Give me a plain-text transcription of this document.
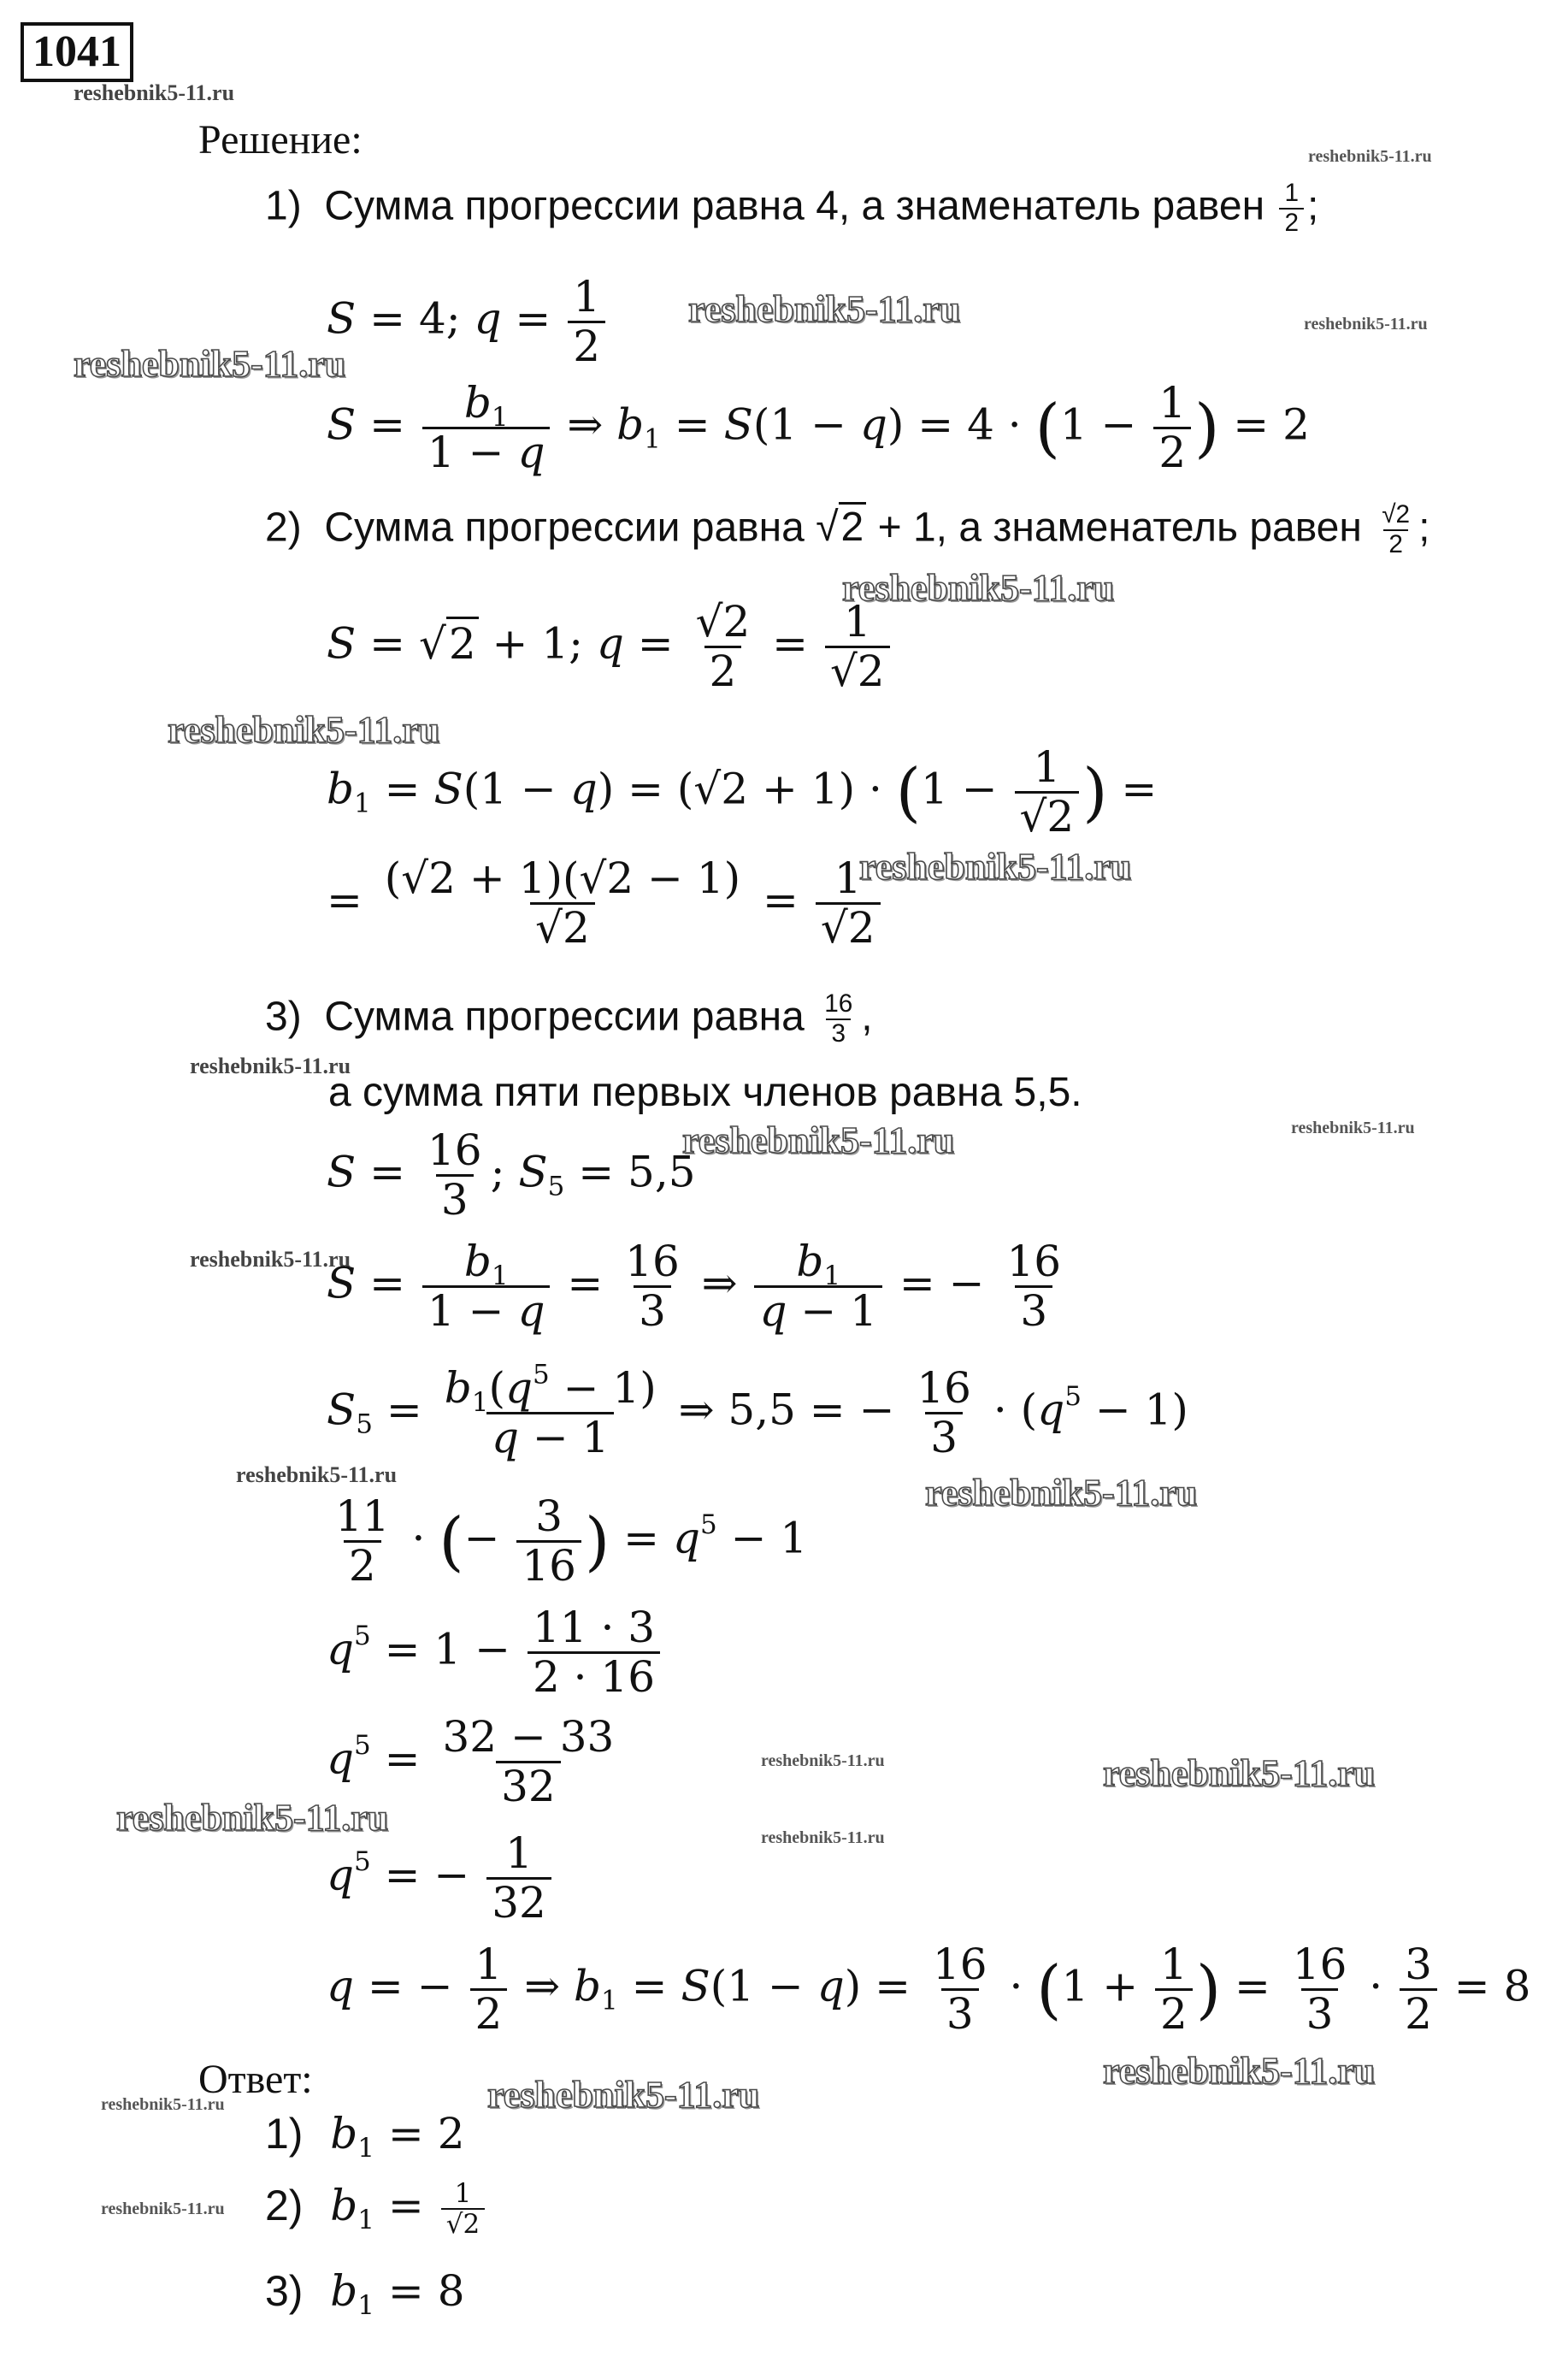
1041
reshebnik5-11.ru
reshebnik5-11.ru
reshebnik5-11.ru
reshebnik5-11.ru
reshebnik5-11.ru
reshebnik5-11.ru
reshebnik5-11.ru
reshebnik5-11.ru
reshebnik5-11.ru
reshebnik5-11.ru
reshebnik5-11.ru
reshebnik5-11.ru
reshebnik5-11.ru
reshebnik5-11.ru
reshebnik5-11.ru
reshebnik5-11.ru
reshebnik5-11.ru
reshebnik5-11.ru
reshebnik5-11.ru
reshebnik5-11.ru
reshebnik5-11.ru
reshebnik5-11.ru
Решение:
1) Сумма прогрессии равна 4, а знаменатель равен $\frac{1}{2}$ ;
S = 4; $q = \frac{1}{2}$
$S = \frac{b_1}{1 - q}$ ⇒ $b_1 = S(1 - q) = 4 \cdot (1 - \frac{1}{2}$ ) = 2
2) Сумма прогрессии равна √2 + 1, а знаменатель равен $\frac{√2}{2}$ ;
S = √2 + 1; $q = \frac{√2}{2} = \frac{1}{√2}$
$b_1 = S(1 - q) = (√2 + 1) \cdot (1 - \frac{1}{√2}$ ) =
= $\frac{(√2 + 1)(√2 - 1)}{√2} = \frac{1}{√2}$
3) Сумма прогрессии равна $\frac{16}{3}$ ,
а сумма пяти первых членов равна 5,5.
$S = \frac{16}{3}$ ; $S_5 = 5,5$
$S = \frac{b_1}{1 - q} = \frac{16}{3}$ ⇒ $\frac{b_1}{q - 1}$ = − $\frac{16}{3}$
$S_5 = \frac{b_1(q^5 - 1)}{q - 1}$ ⇒ 5,5 = − $\frac{16}{3} \cdot (q^5 - 1)$
$\frac{11}{2}$ · (− $\frac{3}{16}$ ) = $q^5 - 1$
$q^5 = 1 - \frac{11 \cdot 3}{2 \cdot 16}$
$q^5 = \frac{32 - 33}{32}$
$q^5$ = − $\frac{1}{32}$
q = − $\frac{1}{2}$ ⇒ $b_1 = S(1 - q) = \frac{16}{3} \cdot (1 + \frac{1}{2}$ ) = $\frac{16}{3} \cdot \frac{3}{2} = 8$
Ответ:
1) $b_1 = 2$
2) $b_1 = \frac{1}{√2}$
3) $b_1 = 8$
